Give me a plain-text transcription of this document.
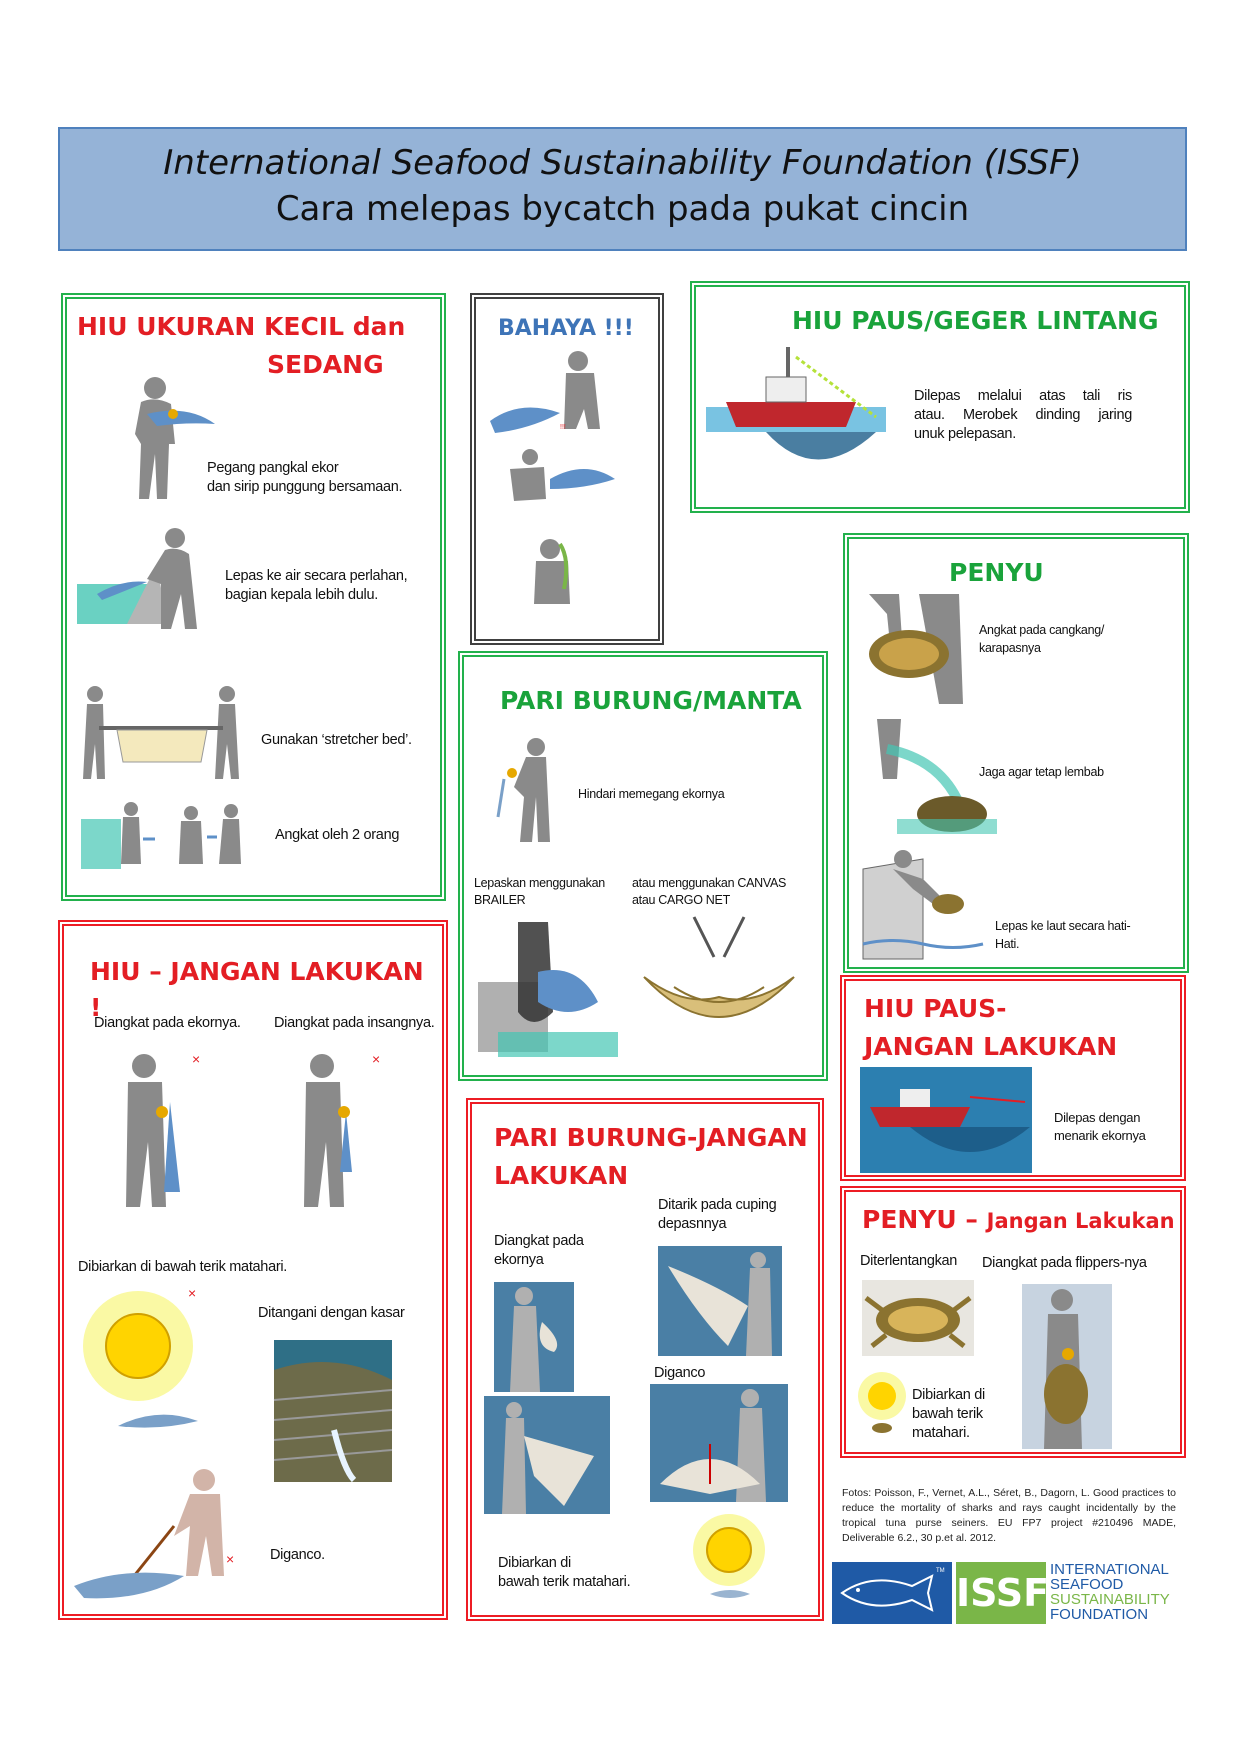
International Seafood Sustainability Foundation (ISSF)
Cara melepas bycatch pada pukat cincin
HIU UKURAN KECIL dan
SEDANG
Pegang pangkal ekor
dan sirip punggung bersamaan.
Lepas ke air secara perlahan,
bagian kepala lebih dulu.
Gunakan ‘stretcher bed’.
Angkat oleh 2 orang
BAHAYA !!!
!!!
HIU PAUS/GEGER LINTANG
Dilepas melalui atas tali ris
atau. Merobek dinding jaring
unuk pelepasan.
PENYU
Angkat pada cangkang/
karapasnya
Jaga agar tetap lembab
Lepas ke laut secara hati-
Hati.
PARI BURUNG/MANTA
Hindari memegang ekornya
Lepaskan menggunakan
BRAILER
atau menggunakan CANVAS
atau CARGO NET
HIU – JANGAN LAKUKAN !
Diangkat pada ekornya. Diangkat pada insangnya.
×	×
Dibiarkan di bawah terik matahari.
×
Ditangani dengan kasar
× Diganco.
PARI BURUNG-JANGAN
LAKUKAN
Diangkat pada
ekornya
Ditarik pada cuping
depasnnya
Diganco
Dibiarkan di
bawah terik matahari.
HIU PAUS-
JANGAN LAKUKAN
Dilepas dengan
menarik ekornya
PENYU – Jangan Lakukan
Diterlentangkan Diangkat pada flippers-nya
Dibiarkan di
bawah terik
matahari.
Fotos: Poisson, F., Vernet, A.L., Séret, B., Dagorn, L. Good practices to reduce the mortality of sharks and rays caught incidentally by the tropical tuna purse seiners. EU FP7 project #210496 MADE, Deliverable 6.2., 30 p.et al. 2012.
TM ISSF
INTERNATIONAL
SEAFOOD
SUSTAINABILITY
FOUNDATION
